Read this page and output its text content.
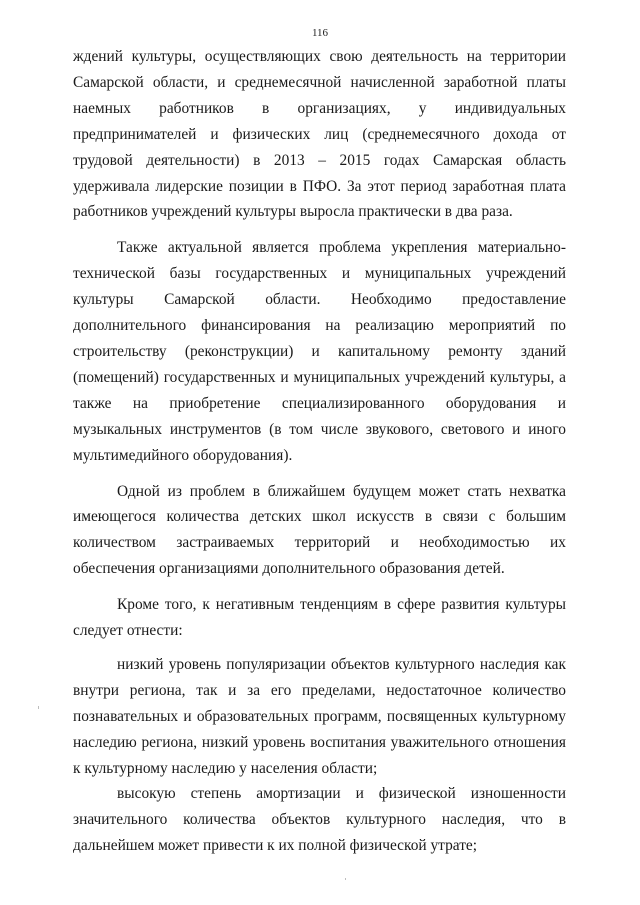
116

ждений культуры, осуществляющих свою деятельность на территории Самарской области, и среднемесячной начисленной заработной платы наемных работников в организациях, у индивидуальных предпринимателей и физических лиц (среднемесячного дохода от трудовой деятельности) в 2013 – 2015 годах Самарская область удерживала лидерские позиции в ПФО. За этот период заработная плата работников учреждений культуры выросла практически в два раза.

Также актуальной является проблема укрепления материально-технической базы государственных и муниципальных учреждений культуры Самарской области. Необходимо предоставление дополнительного финансирования на реализацию мероприятий по строительству (реконструкции) и капитальному ремонту зданий (помещений) государственных и муниципальных учреждений культуры, а также на приобретение специализированного оборудования и музыкальных инструментов (в том числе звукового, светового и иного мультимедийного оборудования).

Одной из проблем в ближайшем будущем может стать нехватка имеющегося количества детских школ искусств в связи с большим количеством застраиваемых территорий и необходимостью их обеспечения организациями дополнительного образования детей.

Кроме того, к негативным тенденциям в сфере развития культуры следует отнести:

низкий уровень популяризации объектов культурного наследия как внутри региона, так и за его пределами, недостаточное количество познавательных и образовательных программ, посвященных культурному наследию региона, низкий уровень воспитания уважительного отношения к культурному наследию у населения области;

высокую степень амортизации и физической изношенности значительного количества объектов культурного наследия, что в дальнейшем может привести к их полной физической утрате;
